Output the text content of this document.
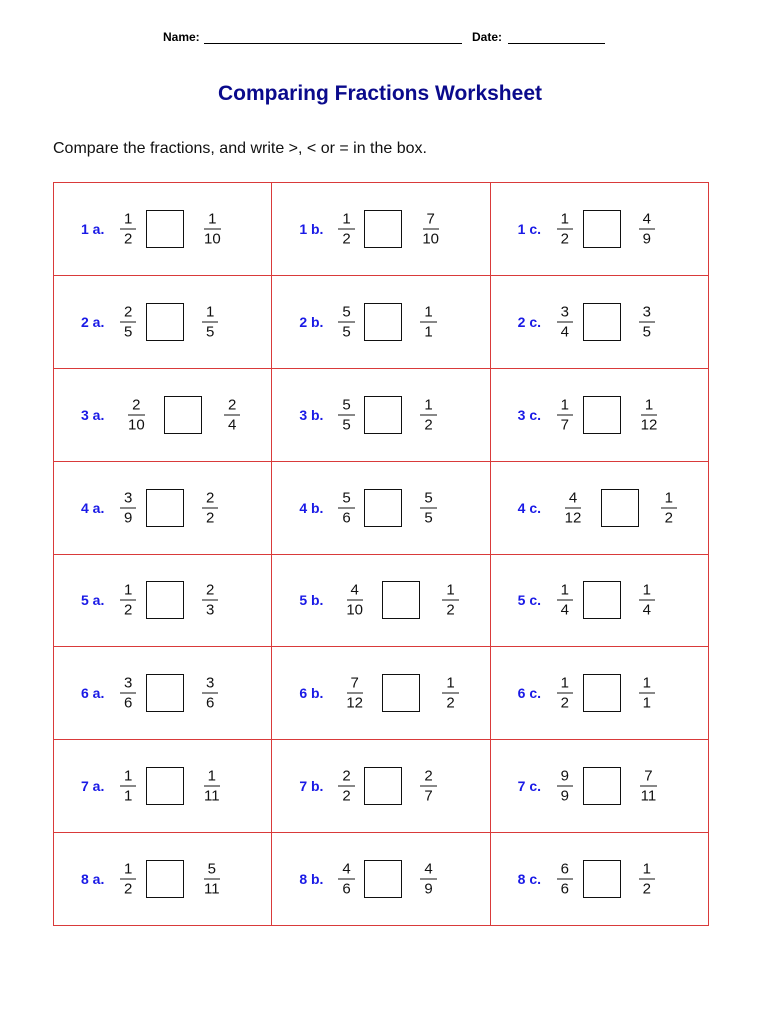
Name:	Date:
Comparing Fractions Worksheet
Compare the fractions, and write >, < or = in the box.
1 a. $\frac{1}{2}$	$\frac{1}{10}$	1 b. $\frac{1}{2}$	$\frac{7}{10}$	1 c. $\frac{1}{2}$	$\frac{4}{9}$
2 a. $\frac{2}{5}$	$\frac{1}{5}$	2 b. $\frac{5}{5}$	$\frac{1}{1}$	2 c. $\frac{3}{4}$	$\frac{3}{5}$
3 a. $\frac{2}{10}$	$\frac{2}{4}$	3 b. $\frac{5}{5}$	$\frac{1}{2}$	3 c. $\frac{1}{7}$	$\frac{1}{12}$
4 a. $\frac{3}{9}$	$\frac{2}{2}$	4 b. $\frac{5}{6}$	$\frac{5}{5}$	4 c. $\frac{4}{12}$	$\frac{1}{2}$
5 a. $\frac{1}{2}$	$\frac{2}{3}$	5 b. $\frac{4}{10}$	$\frac{1}{2}$	5 c. $\frac{1}{4}$	$\frac{1}{4}$
6 a. $\frac{3}{6}$	$\frac{3}{6}$	6 b. $\frac{7}{12}$	$\frac{1}{2}$	6 c. $\frac{1}{2}$	$\frac{1}{1}$
7 a. $\frac{1}{1}$	$\frac{1}{11}$	7 b. $\frac{2}{2}$	$\frac{2}{7}$	7 c. $\frac{9}{9}$	$\frac{7}{11}$
8 a. $\frac{1}{2}$	$\frac{5}{11}$	8 b. $\frac{4}{6}$	$\frac{4}{9}$	8 c. $\frac{6}{6}$	$\frac{1}{2}$
